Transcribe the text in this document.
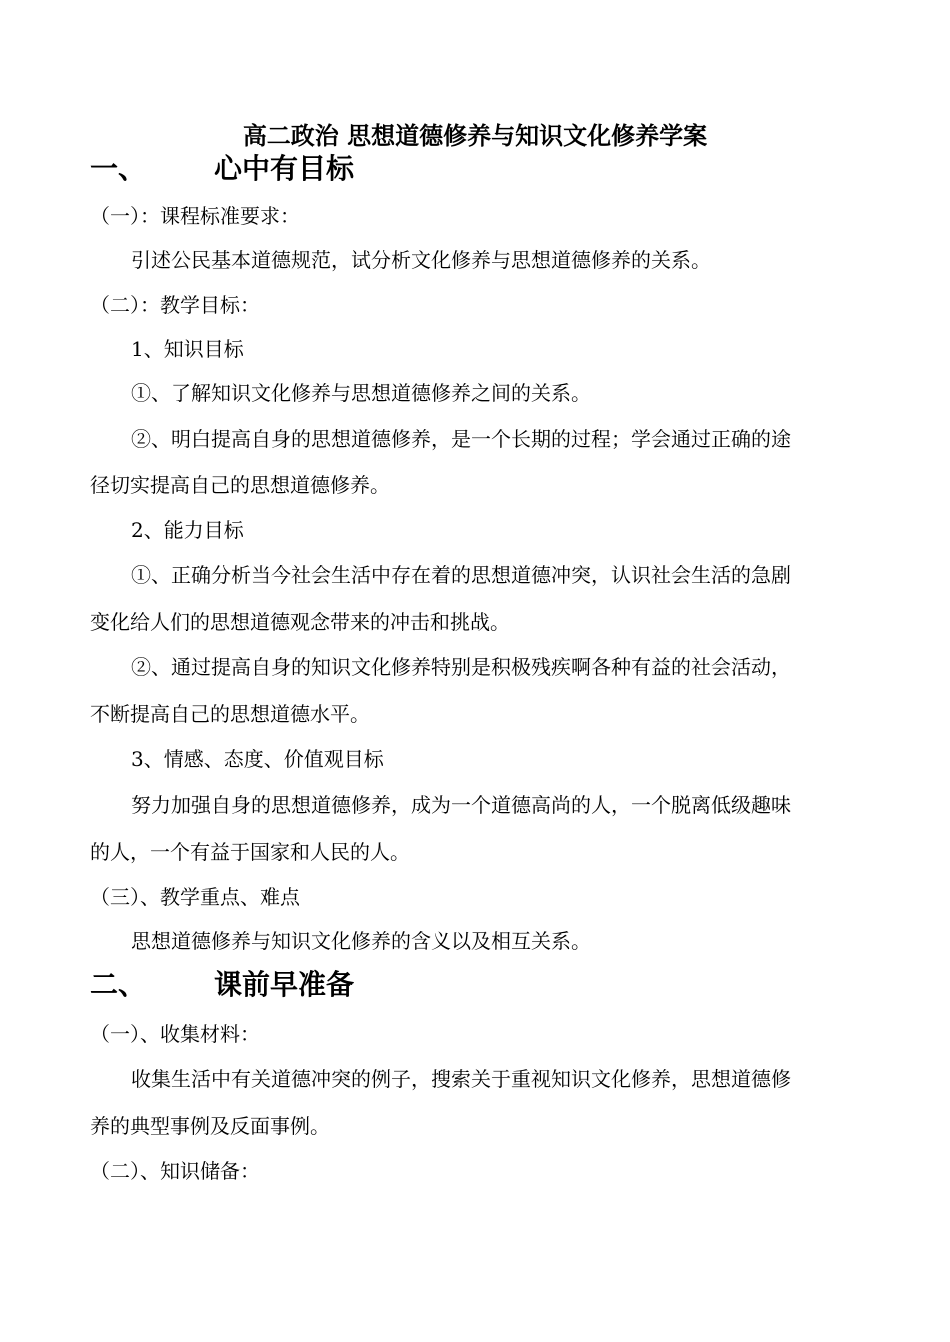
高二政治 思想道德修养与知识文化修养学案
一、 心中有目标
（一）：课程标准要求：
引述公民基本道德规范，试分析文化修养与思想道德修养的关系。
（二）：教学目标：
1、知识目标
①、了解知识文化修养与思想道德修养之间的关系。
②、明白提高自身的思想道德修养，是一个长期的过程；学会通过正确的途
径切实提高自己的思想道德修养。
2、能力目标
①、正确分析当今社会生活中存在着的思想道德冲突，认识社会生活的急剧
变化给人们的思想道德观念带来的冲击和挑战。
②、通过提高自身的知识文化修养特别是积极残疾啊各种有益的社会活动，
不断提高自己的思想道德水平。
3、情感、态度、价值观目标
努力加强自身的思想道德修养，成为一个道德高尚的人，一个脱离低级趣味
的人，一个有益于国家和人民的人。
（三）、教学重点、难点
思想道德修养与知识文化修养的含义以及相互关系。
二、 课前早准备
（一）、收集材料：
收集生活中有关道德冲突的例子，搜索关于重视知识文化修养，思想道德修
养的典型事例及反面事例。
（二）、知识储备：
